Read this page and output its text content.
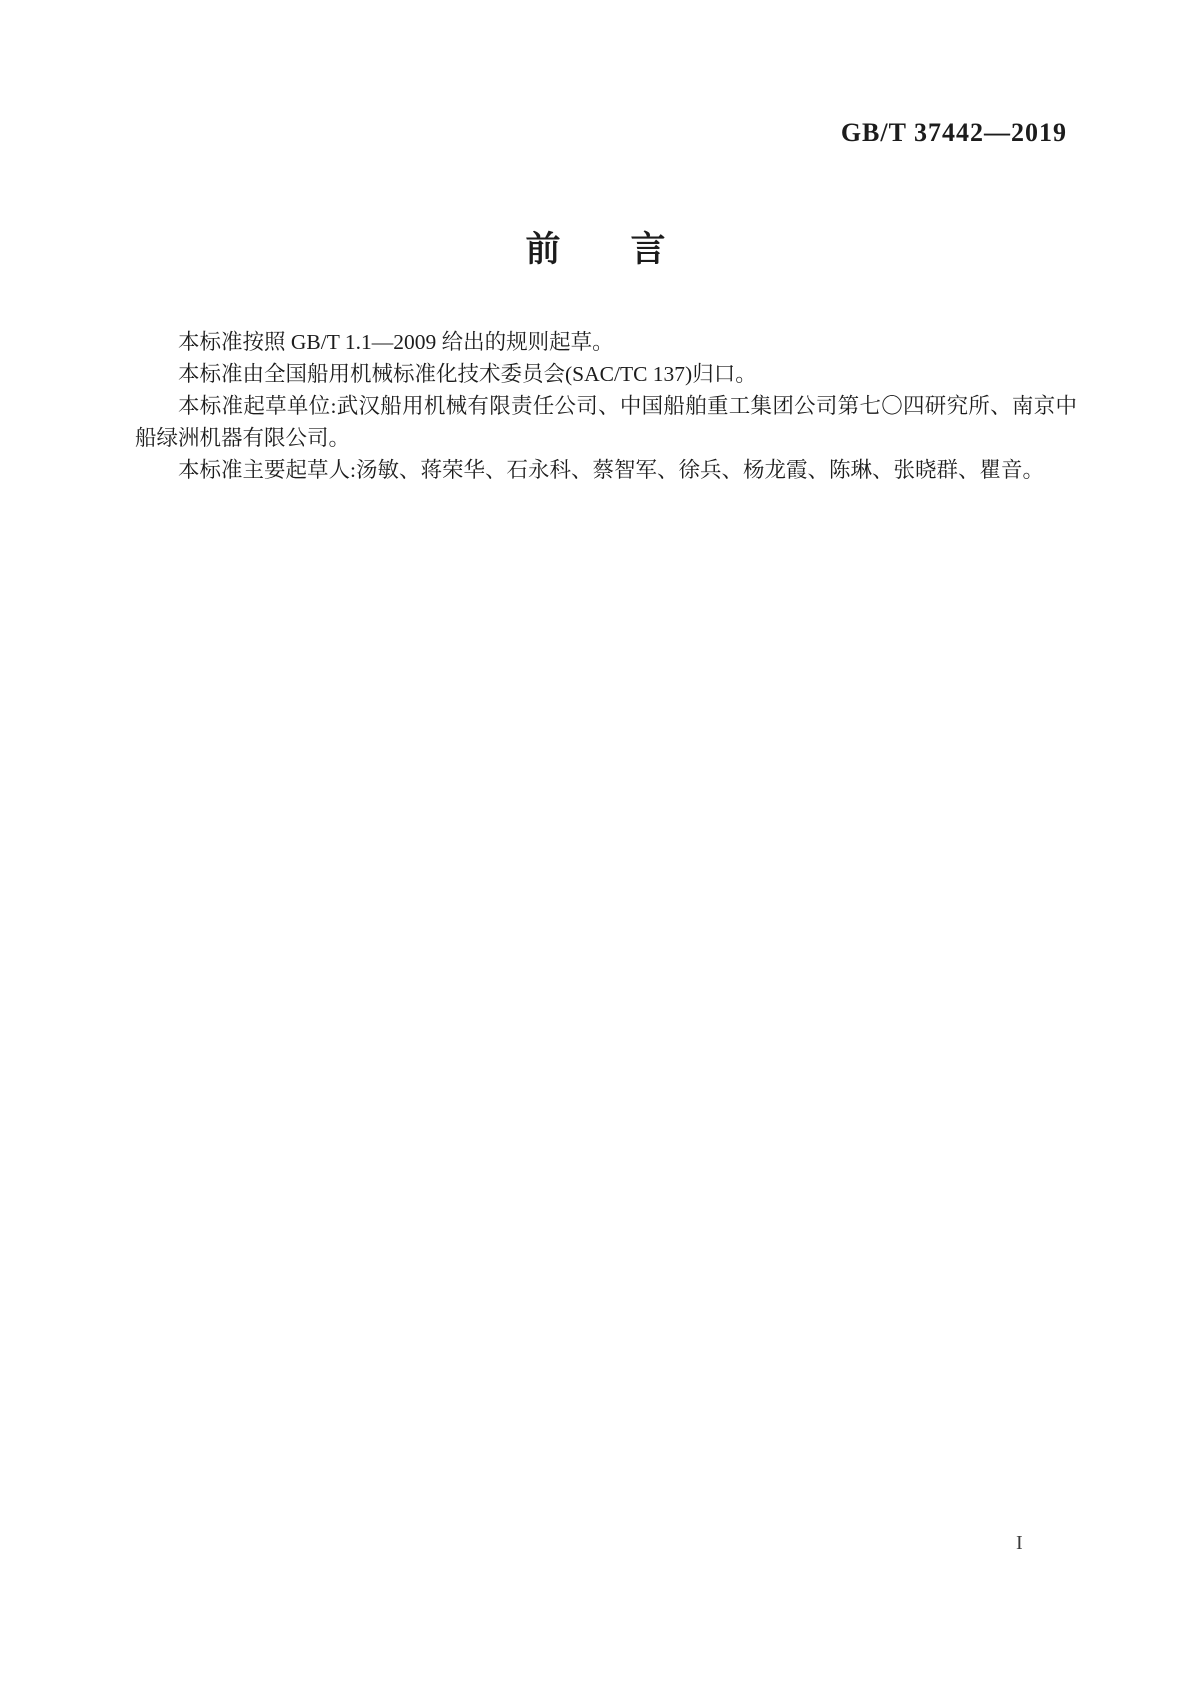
GB/T 37442—2019
前言

本标准按照 GB/T 1.1—2009 给出的规则起草。

本标准由全国船用机械标准化技术委员会(SAC/TC 137)归口。

本标准起草单位:武汉船用机械有限责任公司、中国船舶重工集团公司第七〇四研究所、南京中船绿洲机器有限公司。

本标准主要起草人:汤敏、蒋荣华、石永科、蔡智军、徐兵、杨龙霞、陈琳、张晓群、瞿音。

I
